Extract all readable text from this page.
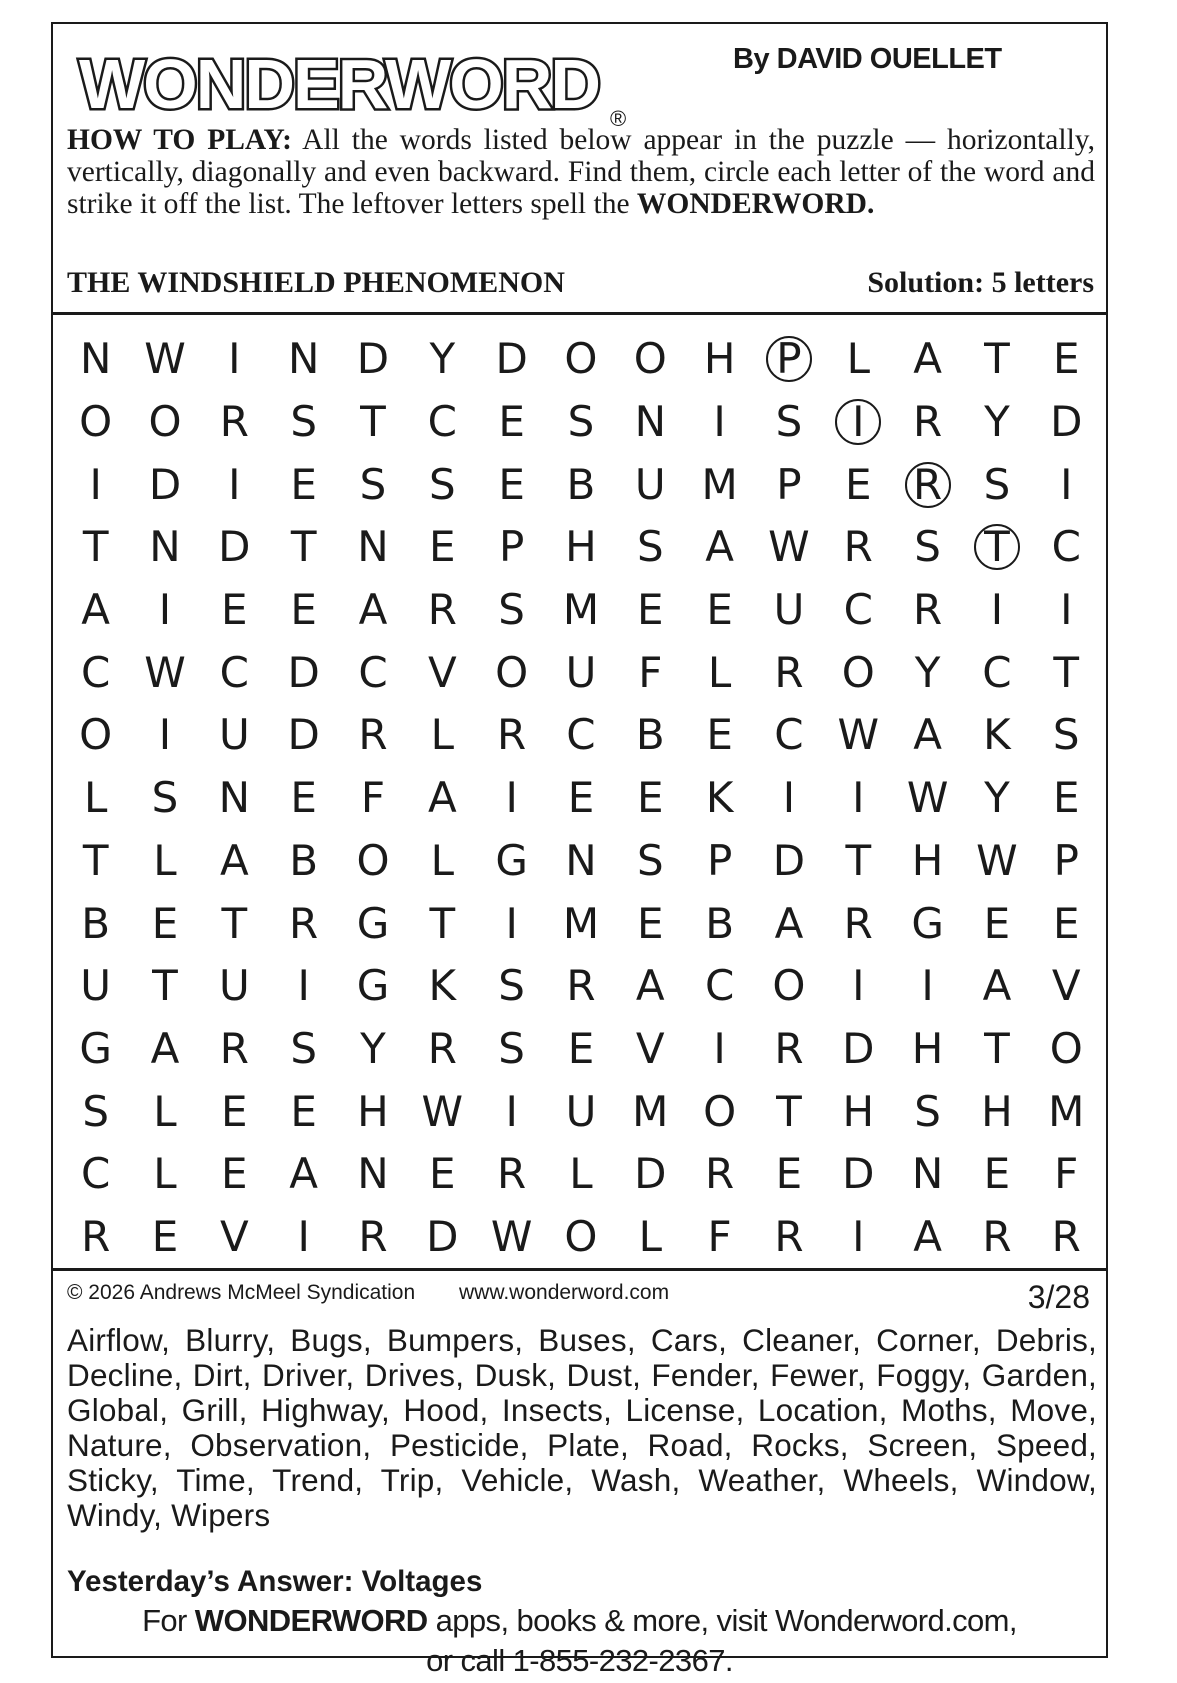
WONDERWORD ®
By DAVID OUELLET
HOW TO PLAY: All the words listed below appear in the puzzle — horizontally, vertically, diagonally and even backward. Find them, circle each letter of the word and strike it off the list. The leftover letters spell the WONDERWORD.
THE WINDSHIELD PHENOMENON	Solution: 5 letters
N W	I	N D Y D O O H P	L	A	T	E
O O R S	T C E	S N	I	S	I	R Y D
I	D	I	E	S	S	E B U M P	E R S	I
T N D T N E	P H S A W R S	T C
A	I	E	E A R S M E	E U C R	I	I
C W C D C V O U F	L	R O Y C T
O	I	U D R	L	R C B E C W A K	S
L	S N E	F	A	I	E	E	K	I	I	W Y	E
T	L	A B O L G N S	P D T H W P
B E	T R G T	I	M E B A R G E	E
U T U	I	G K	S R A C O	I	I	A V
G A R S	Y R S	E V	I	R D H T O
S	L	E	E H W	I	U M O T H S H M
C	L	E A N E R	L D R E D N E	F
R E V	I	R D W O L	F	R	I	A R R
© 2026 Andrews McMeel Syndication www.wonderword.com	3/28
Airflow, Blurry, Bugs, Bumpers, Buses, Cars, Cleaner, Corner, Debris, Decline, Dirt, Driver, Drives, Dusk, Dust, Fender, Fewer, Foggy, Garden, Global, Grill, Highway, Hood, Insects, License, Location, Moths, Move, Nature, Observation, Pesticide, Plate, Road, Rocks, Screen, Speed, Sticky, Time, Trend, Trip, Vehicle, Wash, Weather, Wheels, Window, Windy, Wipers
Yesterday’s Answer: Voltages
For WONDERWORD apps, books & more, visit Wonderword.com,
or call 1-855-232-2367.
